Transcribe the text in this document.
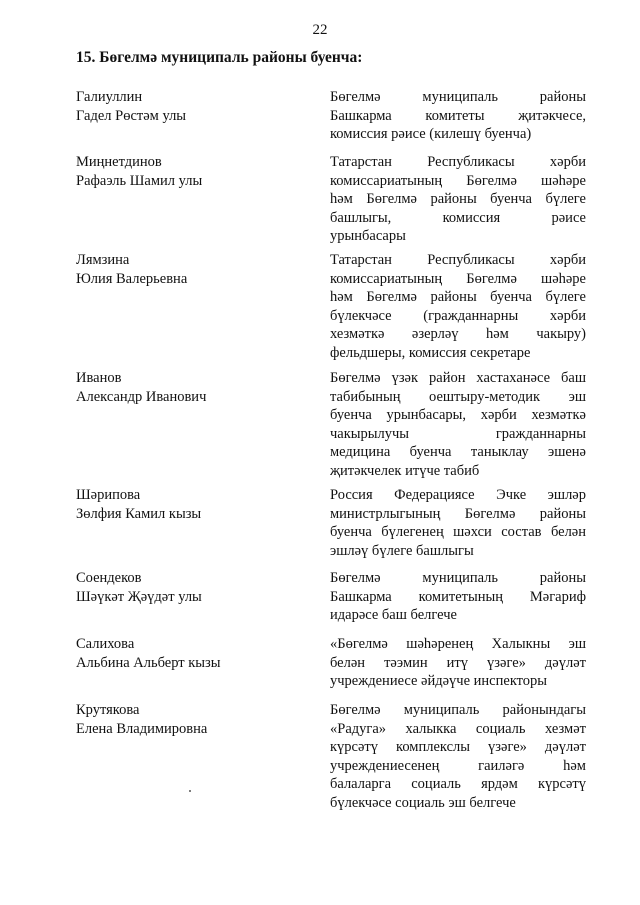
22
15. Бөгелмә муниципаль районы буенча:
Галиуллин
Гадел Рөстәм улы
Бөгелмә муниципаль районы
Башкарма комитеты җитәкчесе,
комиссия рәисе (килешү буенча)
Миңнетдинов
Рафаэль Шамил улы
Татарстан Республикасы хәрби
комиссариатының Бөгелмә шәһәре
һәм Бөгелмә районы буенча бүлеге
башлыгы, комиссия рәисе
урынбасары
Лямзина
Юлия Валерьевна
Татарстан Республикасы хәрби
комиссариатының Бөгелмә шәһәре
һәм Бөгелмә районы буенча бүлеге
бүлекчәсе (гражданнарны хәрби
хезмәткә әзерләү һәм чакыру)
фельдшеры, комиссия секретаре
Иванов
Александр Иванович
Бөгелмә үзәк район хастаханәсе баш
табибының оештыру-методик эш
буенча урынбасары, хәрби хезмәткә
чакырылучы гражданнарны
медицина буенча таныклау эшенә
җитәкчелек итүче табиб
Шәрипова
Зөлфия Камил кызы
Россия Федерациясе Эчке эшләр
министрлыгының Бөгелмә районы
буенча бүлегенең шәхси состав белән
эшләү бүлеге башлыгы
Соендеков
Шәүкәт Җәүдәт улы
Бөгелмә муниципаль районы
Башкарма комитетының Мәгариф
идарәсе баш белгече
Салихова
Альбина Альберт кызы
«Бөгелмә шәһәренең Халыкны эш
белән тәэмин итү үзәге» дәүләт
учреждениесе әйдәүче инспекторы
Крутякова
Елена Владимировна
Бөгелмә муниципаль районындагы
«Радуга» халыкка социаль хезмәт
күрсәтү комплекслы үзәге» дәүләт
учреждениесенең гаиләгә һәм
балаларга социаль ярдәм күрсәтү
бүлекчәсе социаль эш белгече
